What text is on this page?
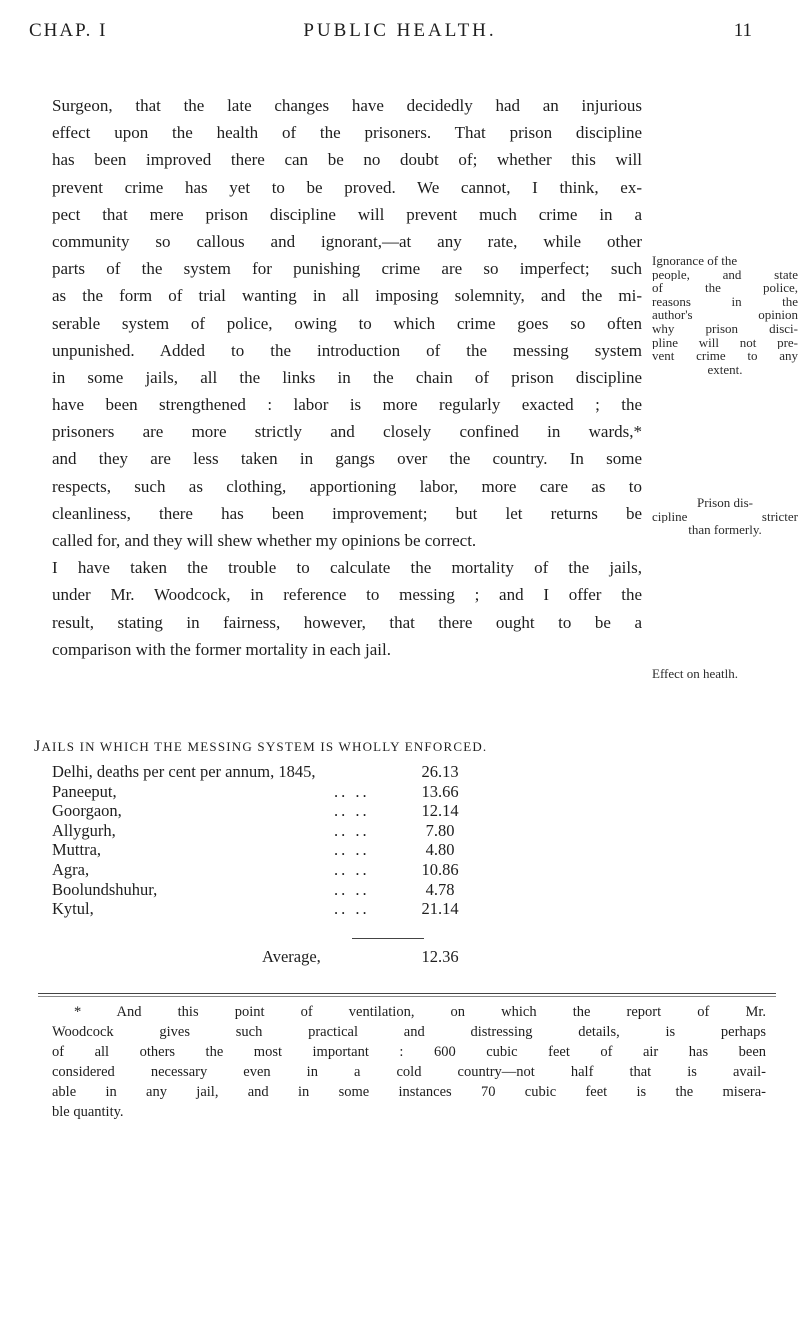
CHAP. I	PUBLIC HEALTH.	11
Surgeon, that the late changes have decidedly had an injurious
effect upon the health of the prisoners. That prison discipline
has been improved there can be no doubt of; whether this will
prevent crime has yet to be proved. We cannot, I think, ex-
pect that mere prison discipline will prevent much crime in a
community so callous and ignorant,—at any rate, while other
parts of the system for punishing crime are so imperfect; such
as the form of trial wanting in all imposing solemnity, and the mi-
serable system of police, owing to which crime goes so often
unpunished. Added to the introduction of the messing system
in some jails, all the links in the chain of prison discipline
have been strengthened : labor is more regularly exacted ; the
prisoners are more strictly and closely confined in wards,*
and they are less taken in gangs over the country. In some
respects, such as clothing, apportioning labor, more care as to
cleanliness, there has been improvement; but let returns be
called for, and they will shew whether my opinions be correct.
I have taken the trouble to calculate the mortality of the jails,
under Mr. Woodcock, in reference to messing ; and I offer the
result, stating in fairness, however, that there ought to be a
comparison with the former mortality in each jail.
Ignorance of the
people, and state
of the police,
reasons in the
author's opinion
why prison disci-
pline will not pre-
vent crime to any
extent.
Prison dis-
cipline stricter
than formerly.
Effect on heatlh.
JAILS IN WHICH THE MESSING SYSTEM IS WHOLLY ENFORCED.
Delhi, deaths per cent per annum, 1845,	26.13
Paneeput,	.. ..	13.66
Goorgaon,	.. ..	12.14
Allygurh,	.. ..	7.80
Muttra,	.. ..	4.80
Agra,	.. ..	10.86
Boolundshuhur,	.. ..	4.78
Kytul,	.. ..	21.14
Average,	12.36
* And this point of ventilation, on which the report of Mr.
Woodcock gives such practical and distressing details, is perhaps
of all others the most important : 600 cubic feet of air has been
considered necessary even in a cold country—not half that is avail-
able in any jail, and in some instances 70 cubic feet is the misera-
ble quantity.
